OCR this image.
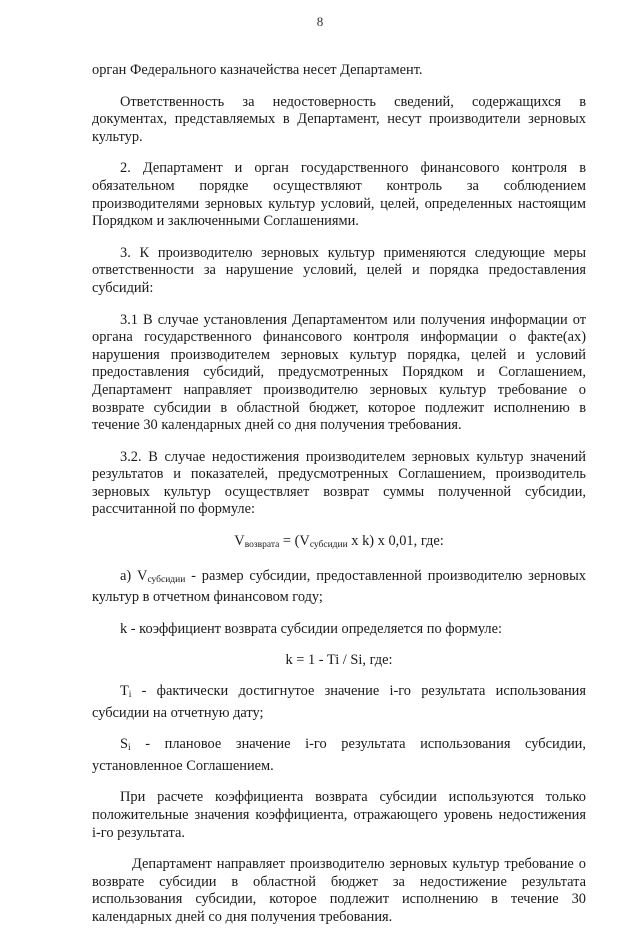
8

орган Федерального казначейства несет Департамент.

Ответственность за недостоверность сведений, содержащихся в документах, представляемых в Департамент, несут производители зерновых культур.

2. Департамент и орган государственного финансового контроля в обязательном порядке осуществляют контроль за соблюдением производителями зерновых культур условий, целей, определенных настоящим Порядком и заключенными Соглашениями.

3. К производителю зерновых культур применяются следующие меры ответственности за нарушение условий, целей и порядка предоставления субсидий:

3.1 В случае установления Департаментом или получения информации от органа государственного финансового контроля информации о факте(ах) нарушения производителем зерновых культур порядка, целей и условий предоставления субсидий, предусмотренных Порядком и Соглашением, Департамент направляет производителю зерновых культур требование о возврате субсидии в областной бюджет, которое подлежит исполнению в течение 30 календарных дней со дня получения требования.

3.2. В случае недостижения производителем зерновых культур значений результатов и показателей, предусмотренных Соглашением, производитель зерновых культур осуществляет возврат суммы полученной субсидии, рассчитанной по формуле:

Vвозврата = (Vсубсидии x k) x 0,01, где:

а) Vсубсидии - размер субсидии, предоставленной производителю зерновых культур в отчетном финансовом году;

k - коэффициент возврата субсидии определяется по формуле:

k = 1 - Ti / Si, где:

Ti - фактически достигнутое значение i-го результата использования субсидии на отчетную дату;

Si - плановое значение i-го результата использования субсидии, установленное Соглашением.

При расчете коэффициента возврата субсидии используются только положительные значения коэффициента, отражающего уровень недостижения i-го результата.

Департамент направляет производителю зерновых культур требование о возврате субсидии в областной бюджет за недостижение результата использования субсидии, которое подлежит исполнению в течение 30 календарных дней со дня получения требования.
